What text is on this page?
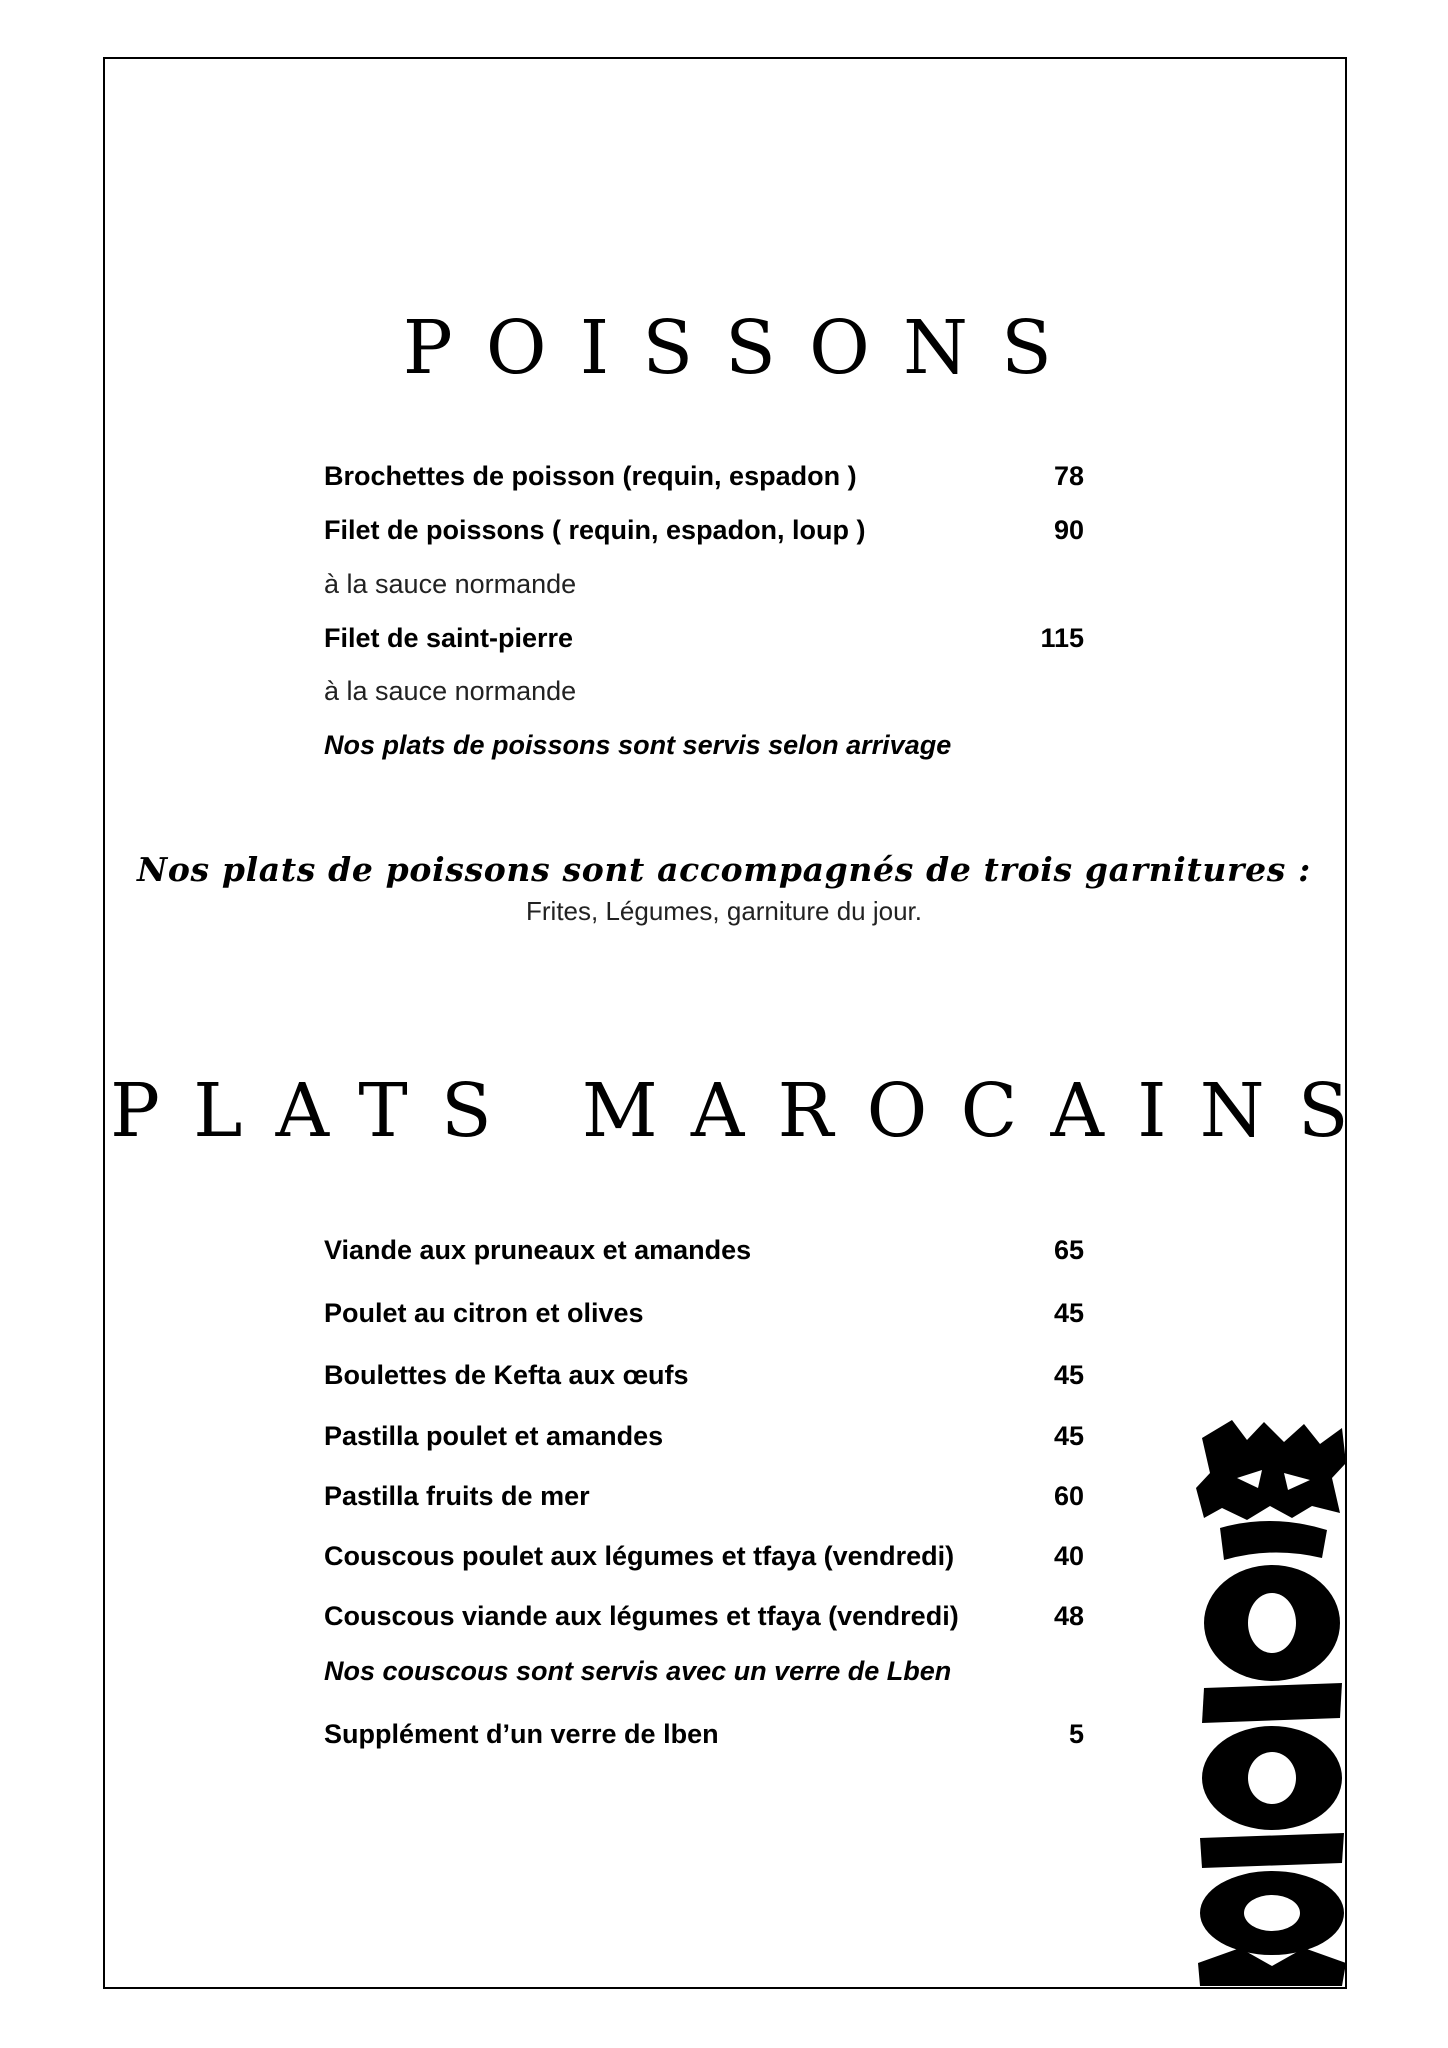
POISSONS
Brochettes de poisson (requin, espadon )	78
Filet de poissons ( requin, espadon, loup )	90
à la sauce normande
Filet de saint-pierre	115
à la sauce normande
Nos plats de poissons sont servis selon arrivage
Nos plats de poissons sont accompagnés de trois garnitures :
Frites, Légumes, garniture du jour.
PLATS MAROCAINS
Viande aux pruneaux et amandes	65
Poulet au citron et olives	45
Boulettes de Kefta aux œufs	45
Pastilla poulet et amandes	45
Pastilla fruits de mer	60
Couscous poulet aux légumes et tfaya (vendredi)	40
Couscous viande aux légumes et tfaya (vendredi)	48
Nos couscous sont servis avec un verre de Lben
Supplément d’un verre de lben	5
